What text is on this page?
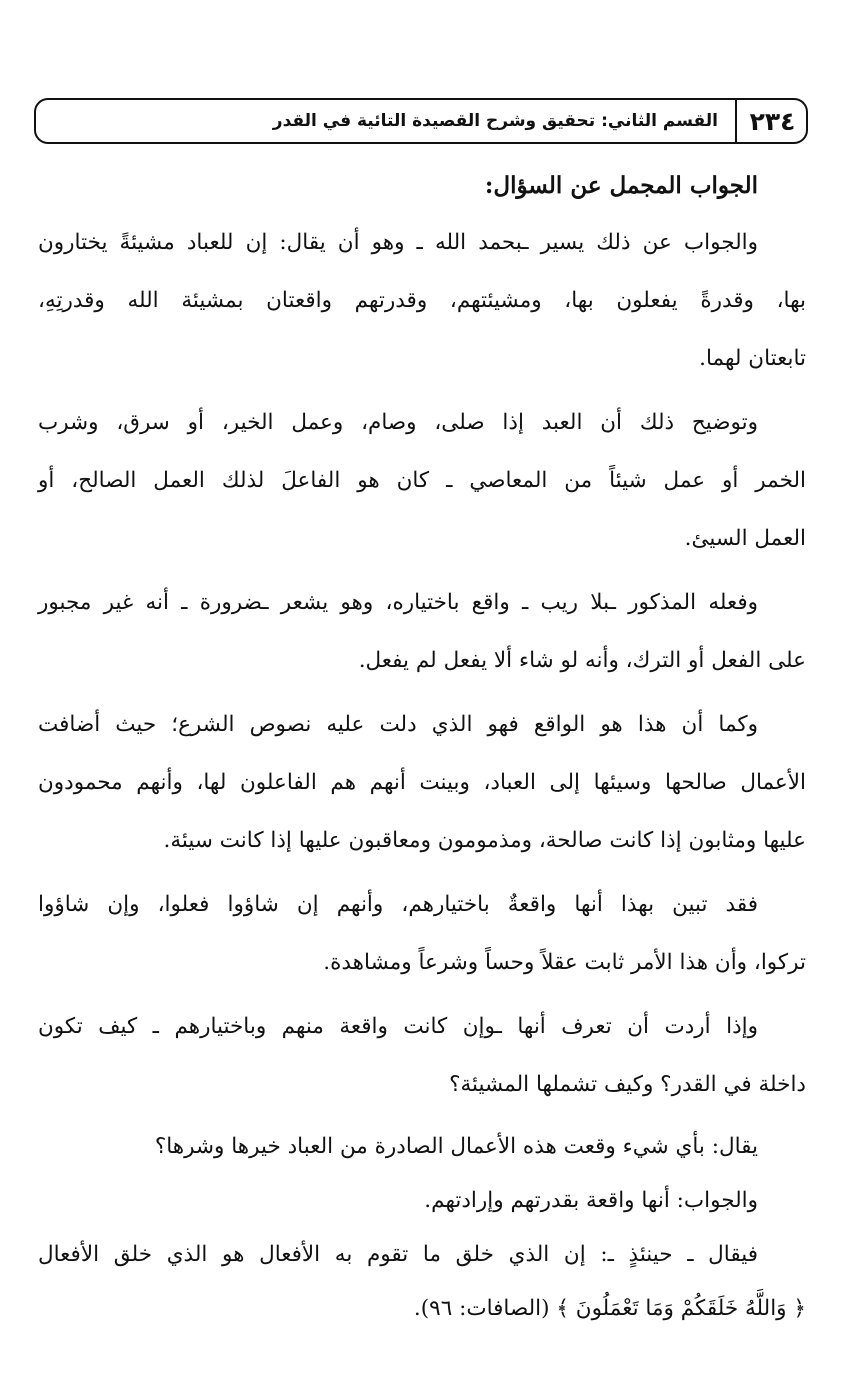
٢٣٤
القسم الثاني: تحقيق وشرح القصيدة التائية في القدر

الجواب المجمل عن السؤال:

والجواب عن ذلك يسير ـبحمد الله ـ وهو أن يقال: إن للعباد مشيئةً يختارون
بها، وقدرةً يفعلون بها، ومشيئتهم، وقدرتهم واقعتان بمشيئة الله وقدرتِهِ،
تابعتان لهما.

وتوضيح ذلك أن العبد إذا صلى، وصام، وعمل الخير، أو سرق، وشرب
الخمر أو عمل شيئاً من المعاصي ـ كان هو الفاعلَ لذلك العمل الصالح، أو
العمل السيئ.

وفعله المذكور ـبلا ريب ـ واقع باختياره، وهو يشعر ـضرورة ـ أنه غير مجبور
على الفعل أو الترك، وأنه لو شاء ألا يفعل لم يفعل.

وكما أن هذا هو الواقع فهو الذي دلت عليه نصوص الشرع؛ حيث أضافت
الأعمال صالحها وسيئها إلى العباد، وبينت أنهم هم الفاعلون لها، وأنهم محمودون
عليها ومثابون إذا كانت صالحة، ومذمومون ومعاقبون عليها إذا كانت سيئة.

فقد تبين بهذا أنها واقعةٌ باختيارهم، وأنهم إن شاؤوا فعلوا، وإن شاؤوا
تركوا، وأن هذا الأمر ثابت عقلاً وحساً وشرعاً ومشاهدة.

وإذا أردت أن تعرف أنها ـوإن كانت واقعة منهم وباختيارهم ـ كيف تكون
داخلة في القدر؟ وكيف تشملها المشيئة؟

يقال: بأي شيء وقعت هذه الأعمال الصادرة من العباد خيرها وشرها؟

والجواب: أنها واقعة بقدرتهم وإرادتهم.

فيقال ـ حينئذٍ ـ: إن الذي خلق ما تقوم به الأفعال هو الذي خلق الأفعال

﴿ وَاللَّهُ خَلَقَكُمْ وَمَا تَعْمَلُونَ ﴾ (الصافات: ٩٦).
